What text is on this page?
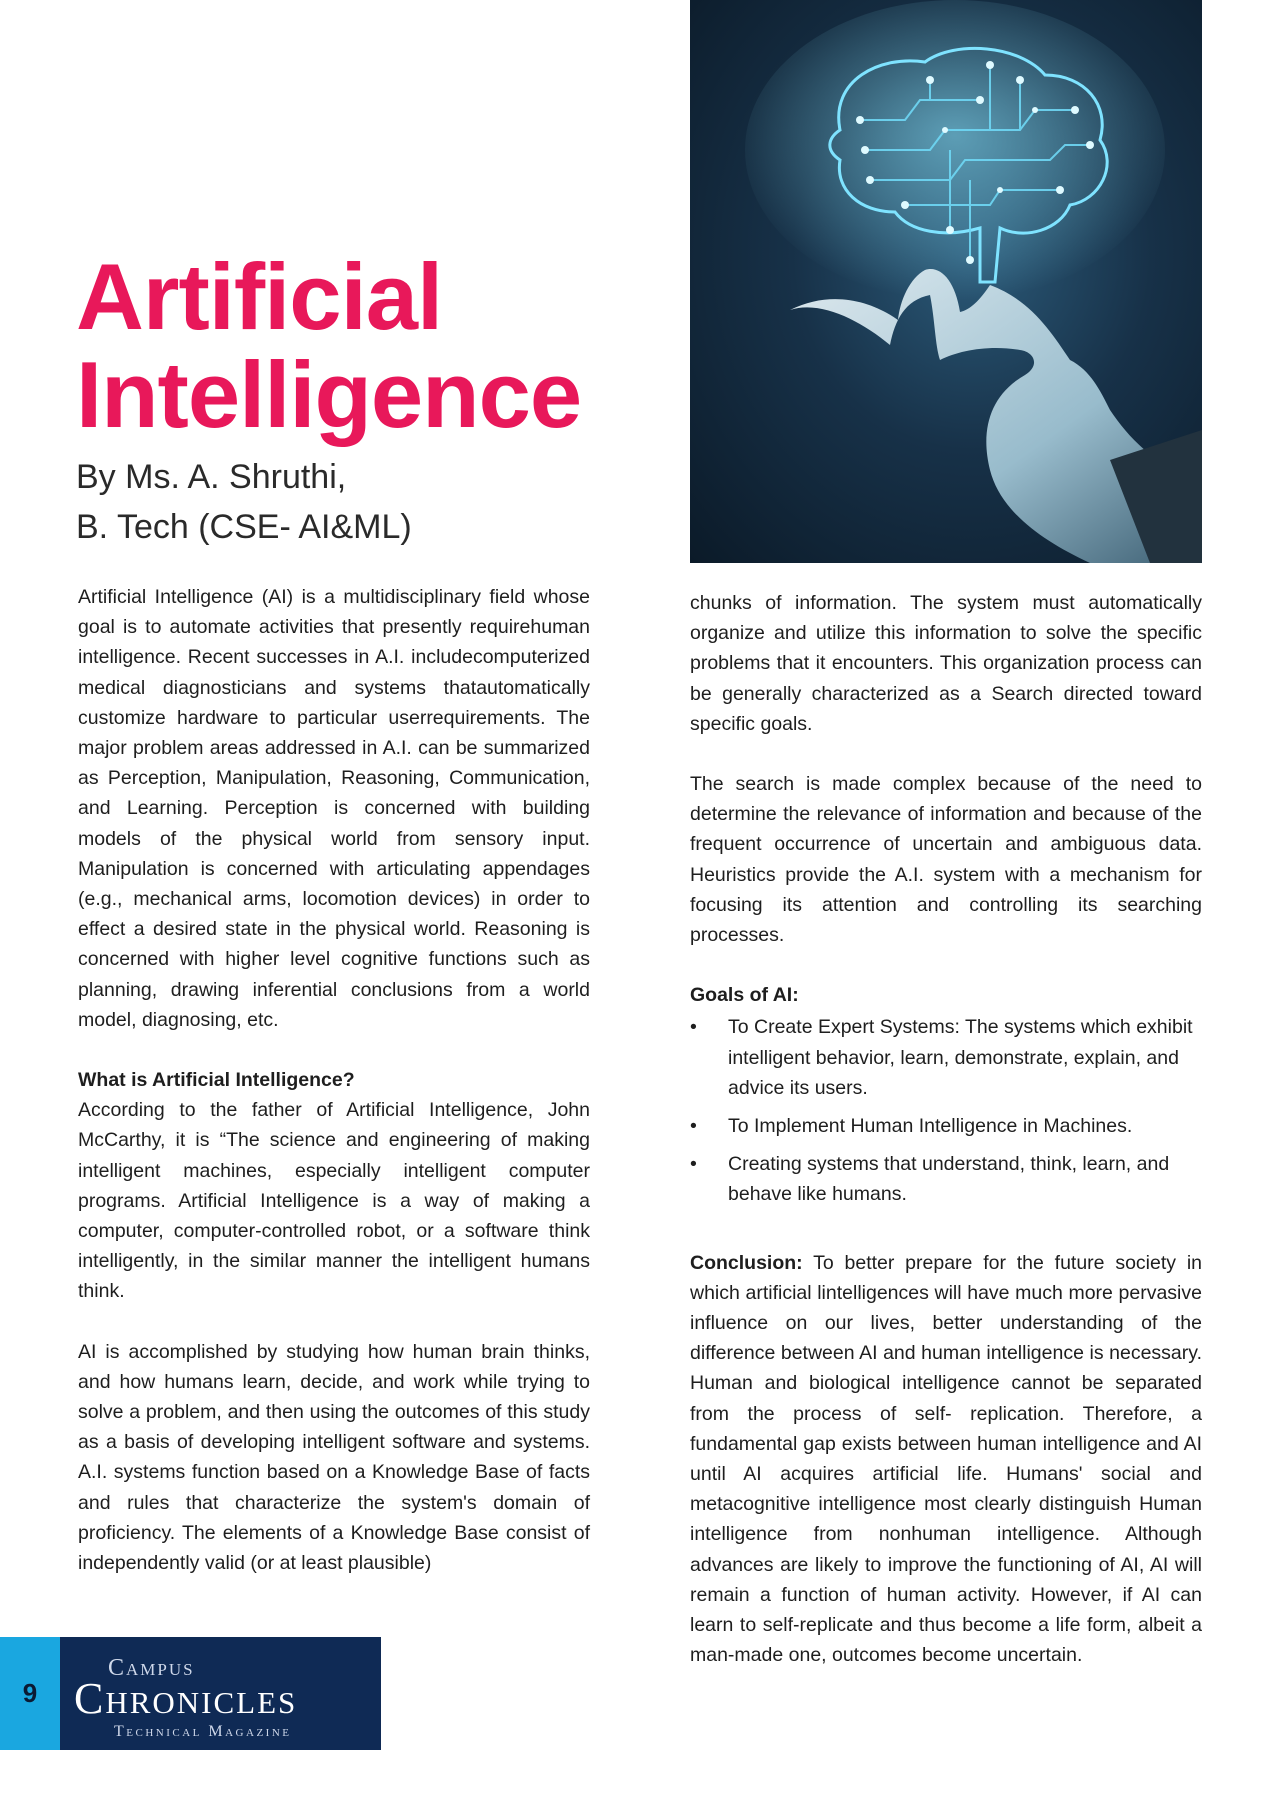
Artificial
Intelligence
By Ms. A. Shruthi,
B. Tech (CSE- AI&ML)

Artificial Intelligence (AI) is a multidisciplinary field whose goal is to automate activities that presently requirehuman intelligence. Recent successes in A.I. includecomputerized medical diagnosticians and systems thatautomatically customize hardware to particular userrequirements. The major problem areas addressed in A.I. can be summarized as Perception, Manipulation, Reasoning, Communication, and Learning. Perception is concerned with building models of the physical world from sensory input. Manipulation is concerned with articulating appendages (e.g., mechanical arms, locomotion devices) in order to effect a desired state in the physical world. Reasoning is concerned with higher level cognitive functions such as planning, drawing inferential conclusions from a world model, diagnosing, etc.

What is Artificial Intelligence?

According to the father of Artificial Intelligence, John McCarthy, it is “The science and engineering of making intelligent machines, especially intelligent computer programs. Artificial Intelligence is a way of making a computer, computer-controlled robot, or a software think intelligently, in the similar manner the intelligent humans think.

AI is accomplished by studying how human brain thinks, and how humans learn, decide, and work while trying to solve a problem, and then using the outcomes of this study as a basis of developing intelligent software and systems. A.I. systems function based on a Knowledge Base of facts and rules that characterize the system's domain of proficiency. The elements of a Knowledge Base consist of independently valid (or at least plausible)

chunks of information. The system must automatically organize and utilize this information to solve the specific problems that it encounters. This organization process can be generally characterized as a Search directed toward specific goals.

The search is made complex because of the need to determine the relevance of information and because of the frequent occurrence of uncertain and ambiguous data. Heuristics provide the A.I. system with a mechanism for focusing its attention and controlling its searching processes.

Goals of AI:

• To Create Expert Systems: The systems which exhibit intelligent behavior, learn, demonstrate, explain, and advice its users.
• To Implement Human Intelligence in Machines.
• Creating systems that understand, think, learn, and behave like humans.

Conclusion: To better prepare for the future society in which artificial lintelligences will have much more pervasive influence on our lives, better understanding of the difference between AI and human intelligence is necessary. Human and biological intelligence cannot be separated from the process of self- replication. Therefore, a fundamental gap exists between human intelligence and AI until AI acquires artificial life. Humans' social and metacognitive intelligence most clearly distinguish Human intelligence from nonhuman intelligence. Although advances are likely to improve the functioning of AI, AI will remain a function of human activity. However, if AI can learn to self-replicate and thus become a life form, albeit a man-made one, outcomes become uncertain.

9
Campus
Chronicles
Technical Magazine
